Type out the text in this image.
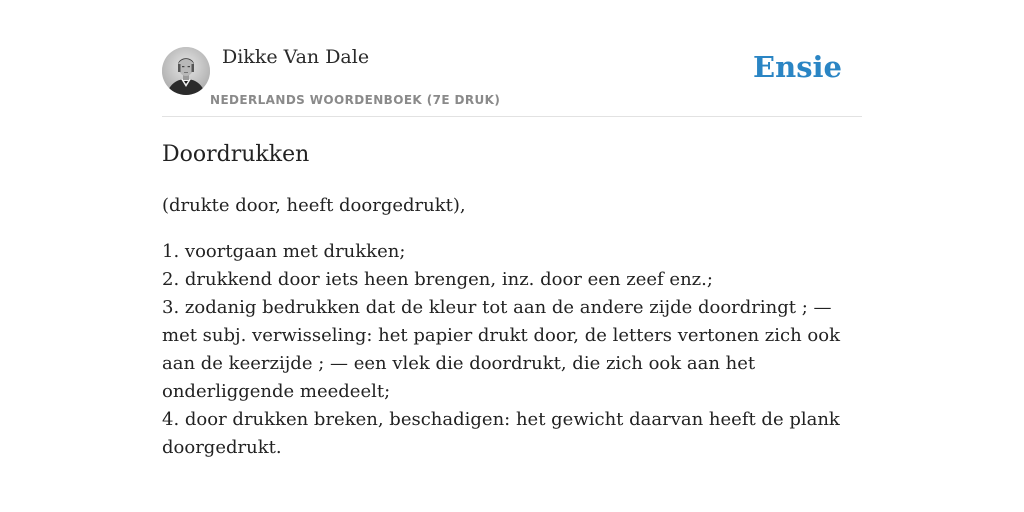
Dikke Van Dale
NEDERLANDS WOORDENBOEK (7E DRUK)
Ensie
Doordrukken

(drukte door, heeft doorgedrukt),

1. voortgaan met drukken;
2. drukkend door iets heen brengen, inz. door een zeef enz.;
3. zodanig bedrukken dat de kleur tot aan de andere zijde doordringt ; — met subj. verwisseling: het papier drukt door, de letters vertonen zich ook aan de keerzijde ; — een vlek die doordrukt, die zich ook aan het onderliggende meedeelt;
4. door drukken breken, beschadigen: het gewicht daarvan heeft de plank doorgedrukt.
